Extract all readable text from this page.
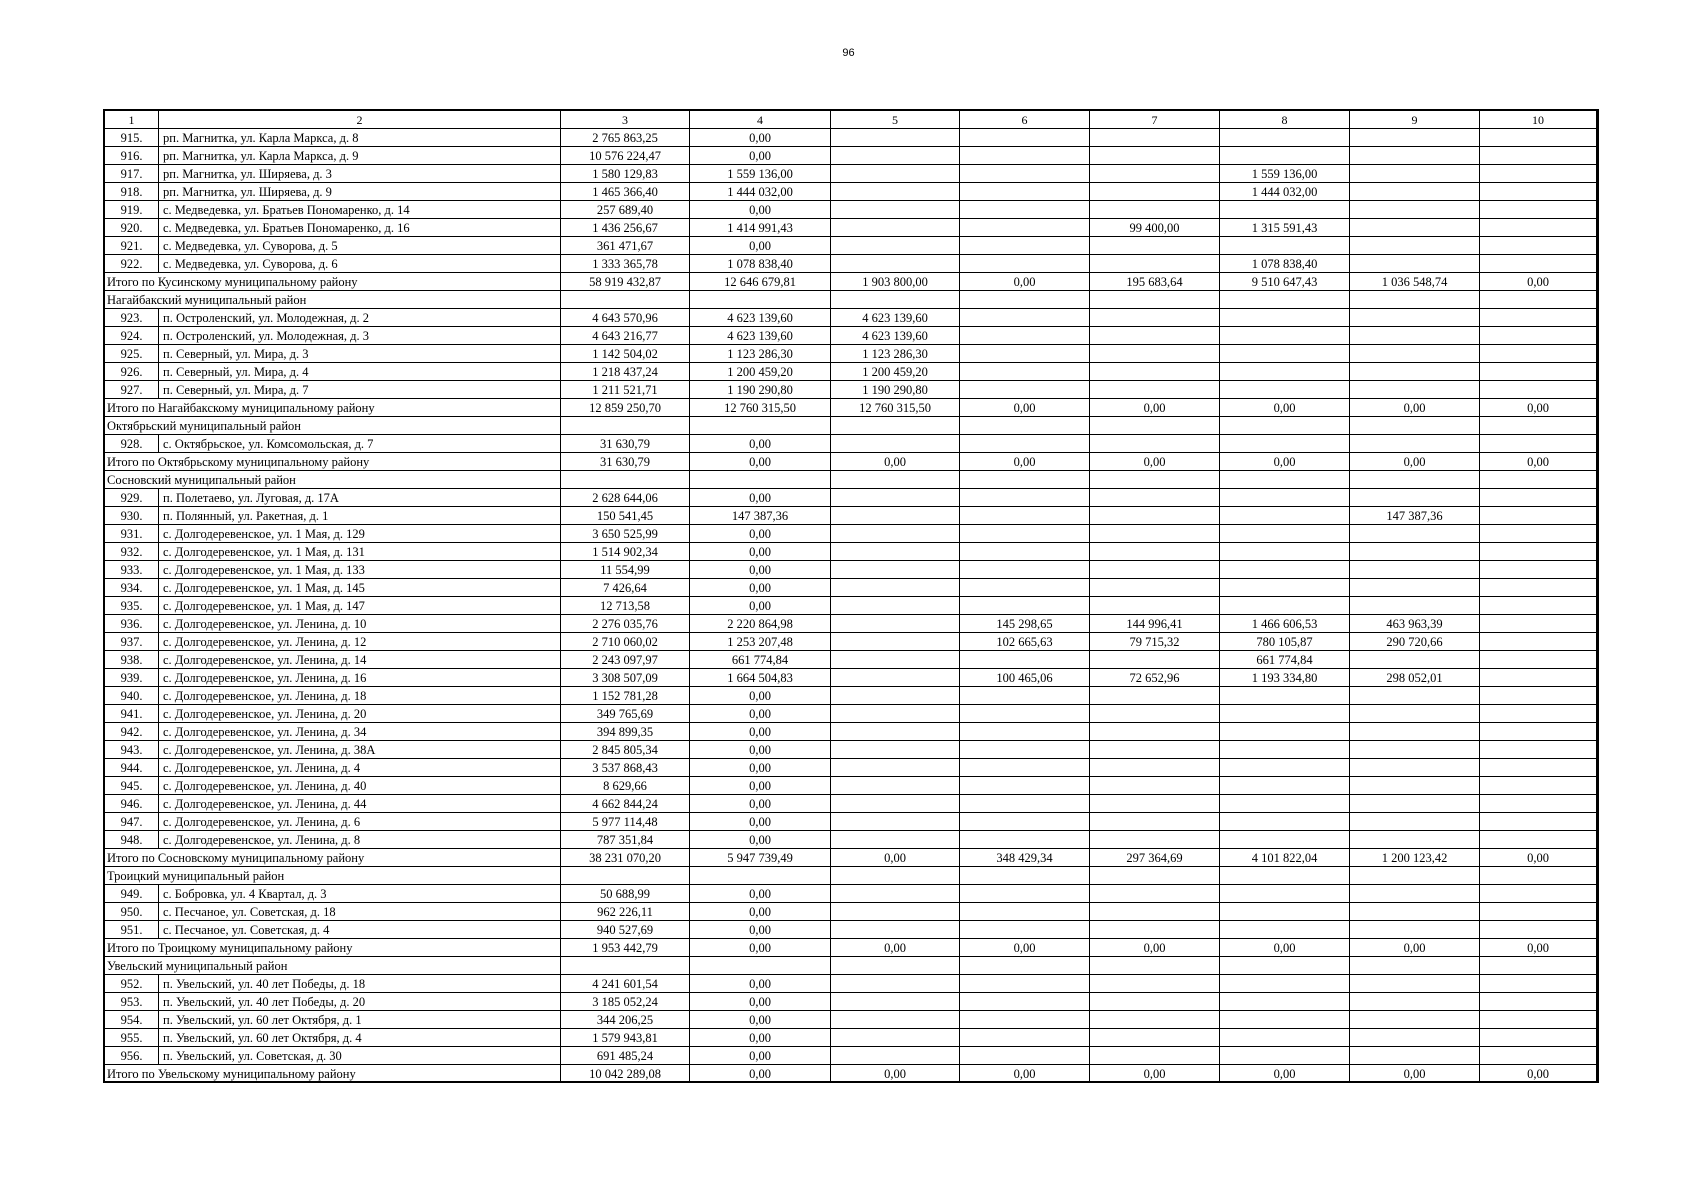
96
1	2	3	4	5	6	7	8	9	10
915.	рп. Магнитка, ул. Карла Маркса, д. 8	2 765 863,25	0,00						
916.	рп. Магнитка, ул. Карла Маркса, д. 9	10 576 224,47	0,00						
917.	рп. Магнитка, ул. Ширяева, д. 3	1 580 129,83	1 559 136,00				1 559 136,00		
918.	рп. Магнитка, ул. Ширяева, д. 9	1 465 366,40	1 444 032,00				1 444 032,00		
919.	с. Медведевка, ул. Братьев Пономаренко, д. 14	257 689,40	0,00						
920.	с. Медведевка, ул. Братьев Пономаренко, д. 16	1 436 256,67	1 414 991,43			99 400,00	1 315 591,43		
921.	с. Медведевка, ул. Суворова, д. 5	361 471,67	0,00						
922.	с. Медведевка, ул. Суворова, д. 6	1 333 365,78	1 078 838,40				1 078 838,40		
Итого по Кусинскому муниципальному району		58 919 432,87	12 646 679,81	1 903 800,00	0,00	195 683,64	9 510 647,43	1 036 548,74	0,00
Нагайбакский муниципальный район									
923.	п. Остроленский, ул. Молодежная, д. 2	4 643 570,96	4 623 139,60	4 623 139,60					
924.	п. Остроленский, ул. Молодежная, д. 3	4 643 216,77	4 623 139,60	4 623 139,60					
925.	п. Северный, ул. Мира, д. 3	1 142 504,02	1 123 286,30	1 123 286,30					
926.	п. Северный, ул. Мира, д. 4	1 218 437,24	1 200 459,20	1 200 459,20					
927.	п. Северный, ул. Мира, д. 7	1 211 521,71	1 190 290,80	1 190 290,80					
Итого по Нагайбакскому муниципальному району		12 859 250,70	12 760 315,50	12 760 315,50	0,00	0,00	0,00	0,00	0,00
Октябрьский муниципальный район									
928.	с. Октябрьское, ул. Комсомольская, д. 7	31 630,79	0,00						
Итого по Октябрьскому муниципальному району		31 630,79	0,00	0,00	0,00	0,00	0,00	0,00	0,00
Сосновский муниципальный район									
929.	п. Полетаево, ул. Луговая, д. 17А	2 628 644,06	0,00						
930.	п. Полянный, ул. Ракетная, д. 1	150 541,45	147 387,36					147 387,36	
931.	с. Долгодеревенское, ул. 1 Мая, д. 129	3 650 525,99	0,00						
932.	с. Долгодеревенское, ул. 1 Мая, д. 131	1 514 902,34	0,00						
933.	с. Долгодеревенское, ул. 1 Мая, д. 133	11 554,99	0,00						
934.	с. Долгодеревенское, ул. 1 Мая, д. 145	7 426,64	0,00						
935.	с. Долгодеревенское, ул. 1 Мая, д. 147	12 713,58	0,00						
936.	с. Долгодеревенское, ул. Ленина, д. 10	2 276 035,76	2 220 864,98		145 298,65	144 996,41	1 466 606,53	463 963,39	
937.	с. Долгодеревенское, ул. Ленина, д. 12	2 710 060,02	1 253 207,48		102 665,63	79 715,32	780 105,87	290 720,66	
938.	с. Долгодеревенское, ул. Ленина, д. 14	2 243 097,97	661 774,84				661 774,84		
939.	с. Долгодеревенское, ул. Ленина, д. 16	3 308 507,09	1 664 504,83		100 465,06	72 652,96	1 193 334,80	298 052,01	
940.	с. Долгодеревенское, ул. Ленина, д. 18	1 152 781,28	0,00						
941.	с. Долгодеревенское, ул. Ленина, д. 20	349 765,69	0,00						
942.	с. Долгодеревенское, ул. Ленина, д. 34	394 899,35	0,00						
943.	с. Долгодеревенское, ул. Ленина, д. 38А	2 845 805,34	0,00						
944.	с. Долгодеревенское, ул. Ленина, д. 4	3 537 868,43	0,00						
945.	с. Долгодеревенское, ул. Ленина, д. 40	8 629,66	0,00						
946.	с. Долгодеревенское, ул. Ленина, д. 44	4 662 844,24	0,00						
947.	с. Долгодеревенское, ул. Ленина, д. 6	5 977 114,48	0,00						
948.	с. Долгодеревенское, ул. Ленина, д. 8	787 351,84	0,00						
Итого по Сосновскому муниципальному району		38 231 070,20	5 947 739,49	0,00	348 429,34	297 364,69	4 101 822,04	1 200 123,42	0,00
Троицкий муниципальный район									
949.	с. Бобровка, ул. 4 Квартал, д. 3	50 688,99	0,00						
950.	с. Песчаное, ул. Советская, д. 18	962 226,11	0,00						
951.	с. Песчаное, ул. Советская, д. 4	940 527,69	0,00						
Итого по Троицкому муниципальному району		1 953 442,79	0,00	0,00	0,00	0,00	0,00	0,00	0,00
Увельский муниципальный район									
952.	п. Увельский, ул. 40 лет Победы, д. 18	4 241 601,54	0,00						
953.	п. Увельский, ул. 40 лет Победы, д. 20	3 185 052,24	0,00						
954.	п. Увельский, ул. 60 лет Октября, д. 1	344 206,25	0,00						
955.	п. Увельский, ул. 60 лет Октября, д. 4	1 579 943,81	0,00						
956.	п. Увельский, ул. Советская, д. 30	691 485,24	0,00						
Итого по Увельскому муниципальному району		10 042 289,08	0,00	0,00	0,00	0,00	0,00	0,00	0,00
